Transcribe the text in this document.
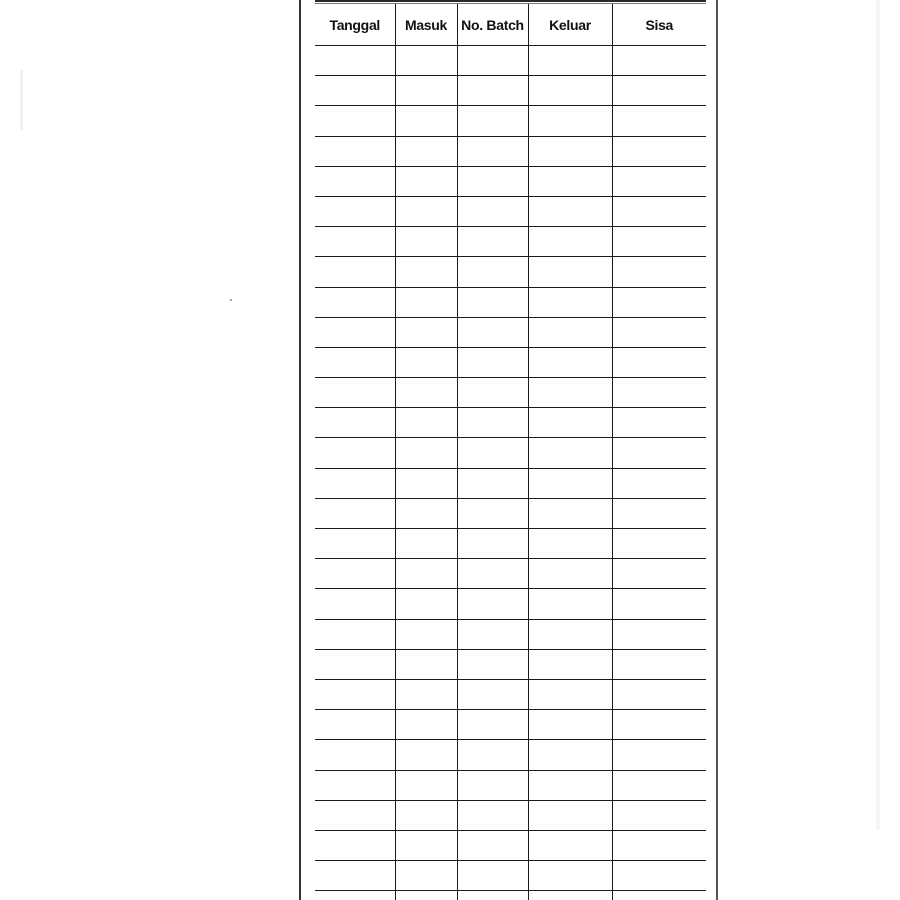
Tanggal	Masuk	No. Batch	Keluar	Sisa
